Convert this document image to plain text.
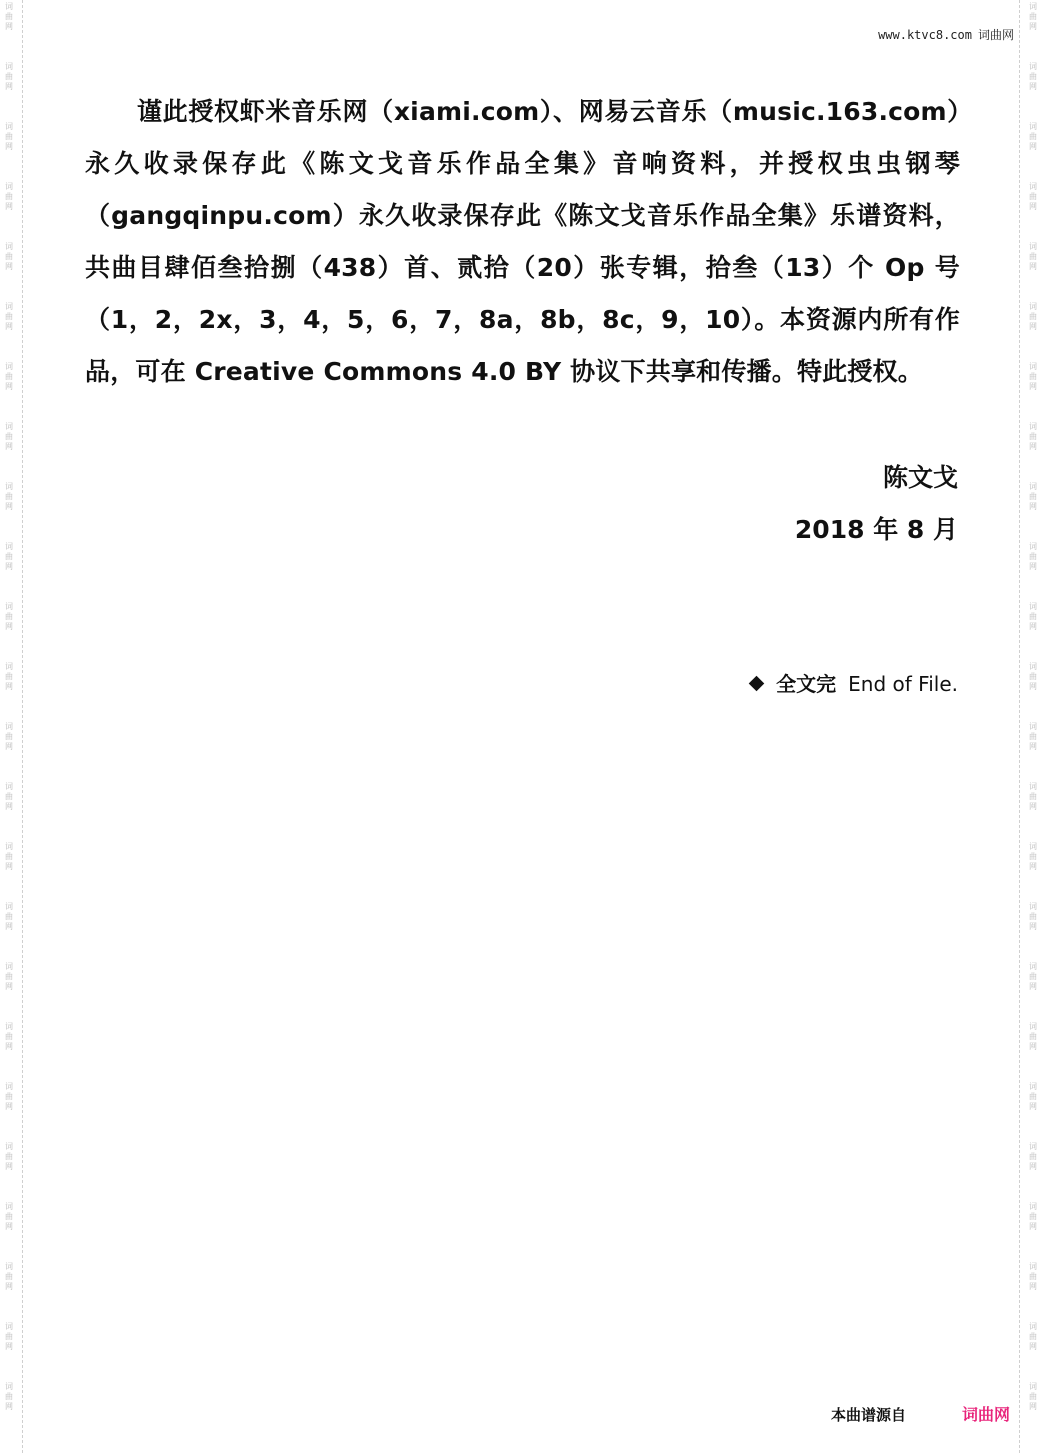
词
曲
网
词
曲
网
词
曲
网
词
曲
网
词
曲
网
词
曲
网
词
曲
网
词
曲
网
词
曲
网
词
曲
网
词
曲
网
词
曲
网
词
曲
网
词
曲
网
词
曲
网
词
曲
网
词
曲
网
词
曲
网
词
曲
网
词
曲
网
词
曲
网
词
曲
网
词
曲
网
词
曲
网
词
曲
网
词
曲
网
词
曲
网
词
曲
网
词
曲
网
词
曲
网
词
曲
网
词
曲
网
词
曲
网
词
曲
网
词
曲
网
词
曲
网
词
曲
网
词
曲
网
词
曲
网
词
曲
网
词
曲
网
词
曲
网
词
曲
网
词
曲
网
词
曲
网
词
曲
网
词
曲
网
词
曲
网
www.ktvc8.com 词曲网
谨此授权虾米音乐网（xiami.com）、网易云音乐（music.163.com）永久收录保存此《陈文戈音乐作品全集》音响资料，并授权虫虫钢琴（gangqinpu.com）永久收录保存此《陈文戈音乐作品全集》乐谱资料，共曲目肆佰叁拾捌（438）首、贰拾（20）张专辑，拾叁（13）个 Op 号（1，2，2x，3，4，5，6，7，8a，8b，8c，9，10）。本资源内所有作品，可在 Creative Commons 4.0 BY 协议下共享和传播。特此授权。
陈文戈
2018 年 8 月
全文完 End of File.
本曲谱源自	词曲网
